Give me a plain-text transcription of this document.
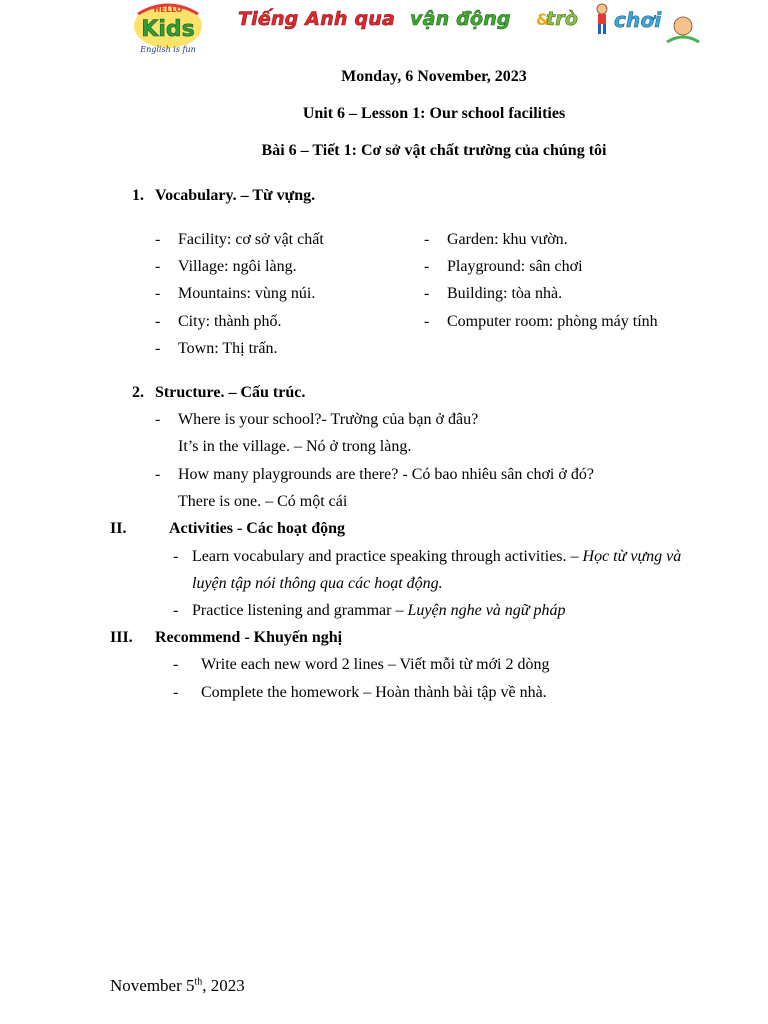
HELLO
Kids
English is fun
Tiếng Anh qua vận động &
trò chơi
Monday, 6 November, 2023
Unit 6 – Lesson 1: Our school facilities
Bài 6 – Tiết 1: Cơ sở vật chất trường của chúng tôi
1. Vocabulary. – Từ vựng.
- Facility: cơ sở vật chất
- Village: ngôi làng.
- Mountains: vùng núi.
- City: thành phố.
- Town: Thị trấn.
- Garden: khu vườn.
- Playground: sân chơi
- Building: tòa nhà.
- Computer room: phòng máy tính
2. Structure. – Cấu trúc.
- Where is your school?- Trường của bạn ở đâu?
It’s in the village. – Nó ở trong làng.
- How many playgrounds are there? - Có bao nhiêu sân chơi ở đó?
There is one. – Có một cái
II.	Activities - Các hoạt động
- Learn vocabulary and practice speaking through activities. – Học từ vựng và
luyện tập nói thông qua các hoạt động.
- Practice listening and grammar – Luyện nghe và ngữ pháp
III. Recommend - Khuyến nghị
- Write each new word 2 lines – Viết mỗi từ mới 2 dòng
- Complete the homework – Hoàn thành bài tập về nhà.
November 5th, 2023
